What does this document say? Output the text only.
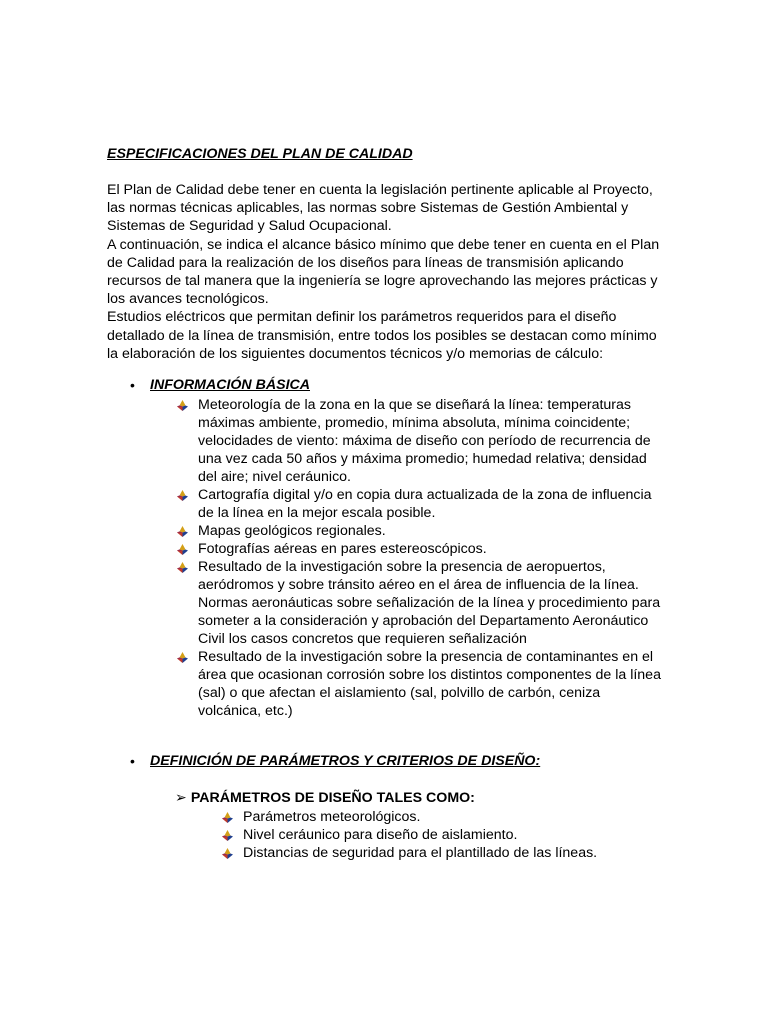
ESPECIFICACIONES DEL PLAN DE CALIDAD

El Plan de Calidad debe tener en cuenta la legislación pertinente aplicable al Proyecto, las normas técnicas aplicables, las normas sobre Sistemas de Gestión Ambiental y Sistemas de Seguridad y Salud Ocupacional.

A continuación, se indica el alcance básico mínimo que debe tener en cuenta en el Plan de Calidad para la realización de los diseños para líneas de transmisión aplicando recursos de tal manera que la ingeniería se logre aprovechando las mejores prácticas y los avances tecnológicos.

Estudios eléctricos que permitan definir los parámetros requeridos para el diseño detallado de la línea de transmisión, entre todos los posibles se destacan como mínimo la elaboración de los siguientes documentos técnicos y/o memorias de cálculo:

•	INFORMACIÓN BÁSICA
Meteorología de la zona en la que se diseñará la línea: temperaturas máximas ambiente, promedio, mínima absoluta, mínima coincidente; velocidades de viento: máxima de diseño con período de recurrencia de una vez cada 50 años y máxima promedio; humedad relativa; densidad del aire; nivel ceráunico.
Cartografía digital y/o en copia dura actualizada de la zona de influencia de la línea en la mejor escala posible.
Mapas geológicos regionales.
Fotografías aéreas en pares estereoscópicos.
Resultado de la investigación sobre la presencia de aeropuertos, aeródromos y sobre tránsito aéreo en el área de influencia de la línea. Normas aeronáuticas sobre señalización de la línea y procedimiento para someter a la consideración y aprobación del Departamento Aeronáutico Civil los casos concretos que requieren señalización
Resultado de la investigación sobre la presencia de contaminantes en el área que ocasionan corrosión sobre los distintos componentes de la línea (sal) o que afectan el aislamiento (sal, polvillo de carbón, ceniza volcánica, etc.)
•	DEFINICIÓN DE PARÁMETROS Y CRITERIOS DE DISEÑO:
➢ PARÁMETROS DE DISEÑO TALES COMO:
Parámetros meteorológicos.
Nivel ceráunico para diseño de aislamiento.
Distancias de seguridad para el plantillado de las líneas.
